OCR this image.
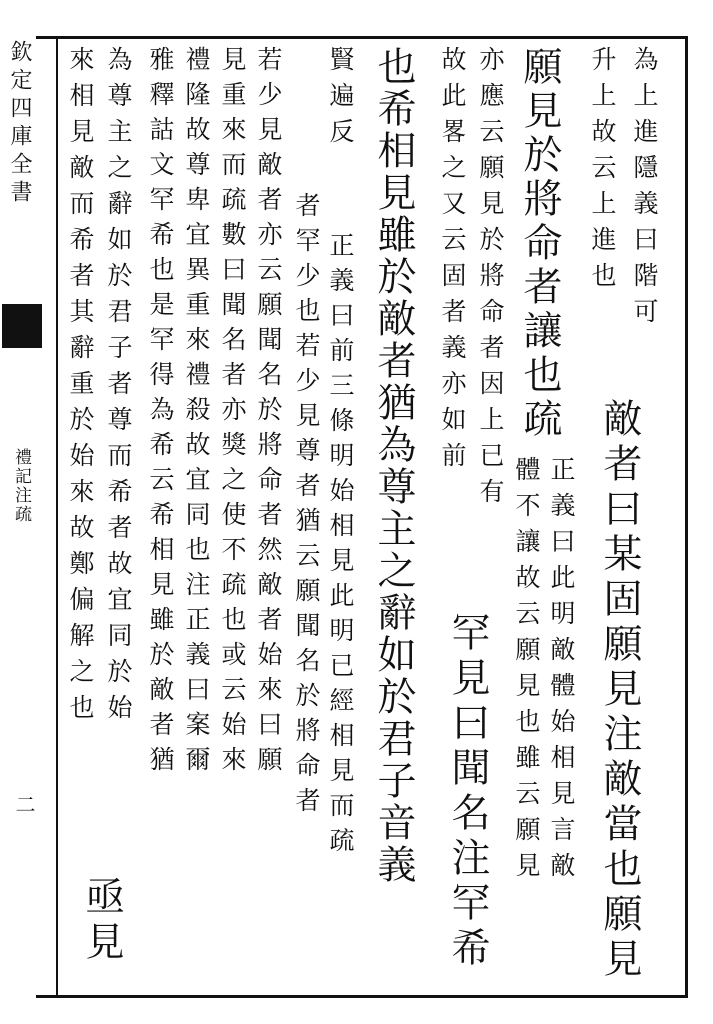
欽定四庫全書
禮記注疏
二	敵者曰某固願見注敵當也願見
為上進隱義曰階可
升上故云上進也
願見於將命者讓也疏
正義曰此明敵體始相見言敵
體不讓故云願見也雖云願見
亦應云願見於將命者因上已有
故此畧之又云固者義亦如前
罕見曰聞名注罕希
也希相見雖於敵者猶為尊主之辭如於君子音義
賢遍反
正義曰前三條明始相見此明已經相見而疏
者罕少也若少見尊者猶云願聞名於將命者
若少見敵者亦云願聞名於將命者然敵者始來曰願
見重來而疏數曰聞名者亦獎之使不疏也或云始來
禮隆故尊卑宜異重來禮殺故宜同也注正義曰案爾
雅釋詁文罕希也是罕得為希云希相見雖於敵者猶
為尊主之辭如於君子者尊而希者故宜同於始
來相見敵而希者其辭重於始來故鄭偏解之也
亟見
